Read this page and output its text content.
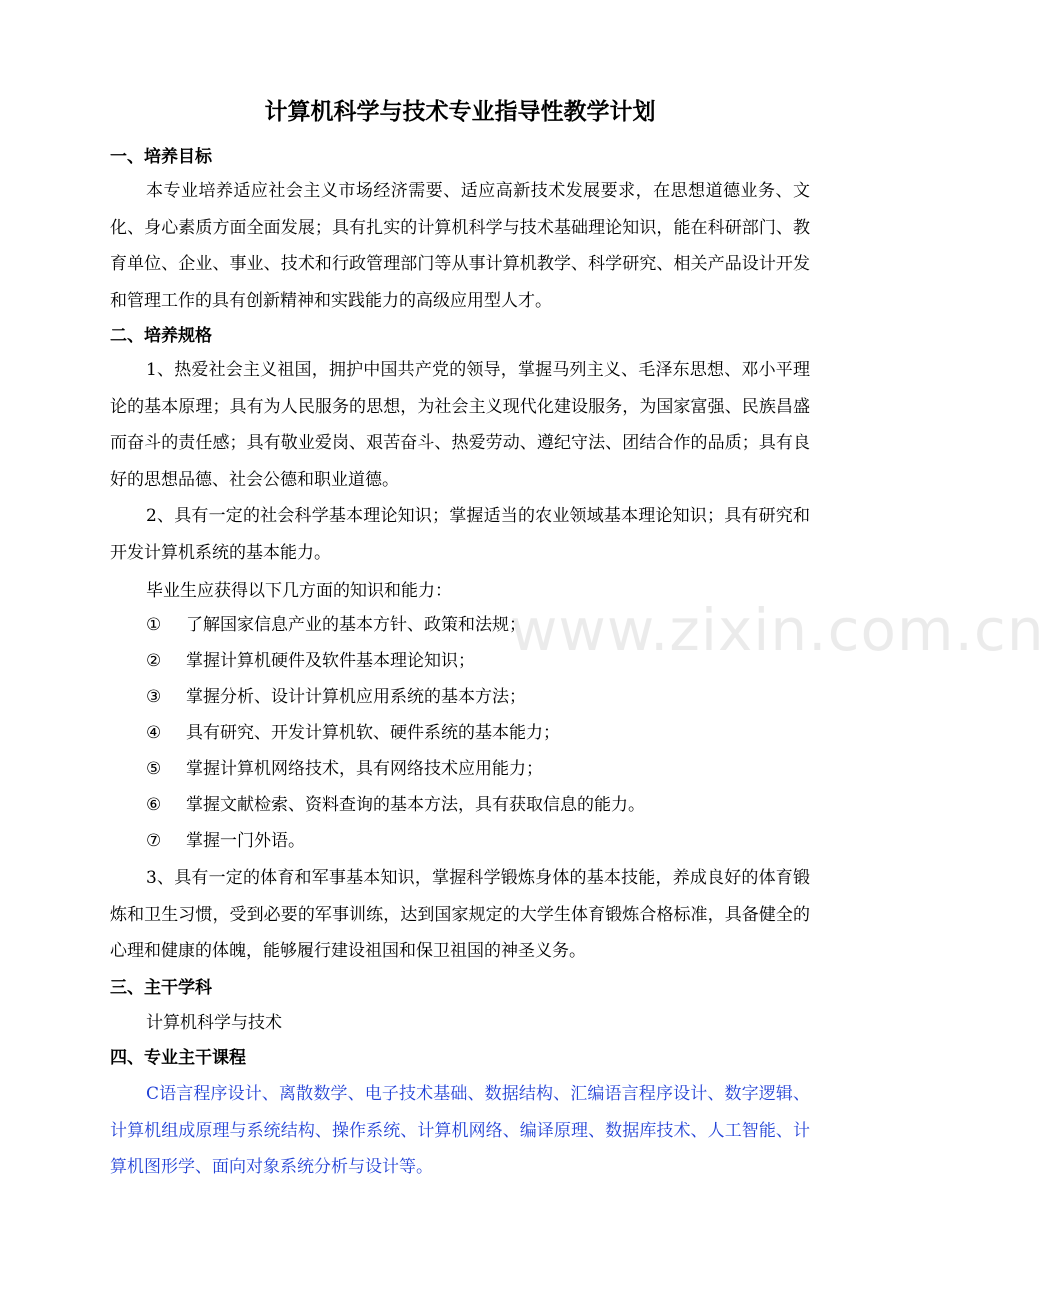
www.zixin.com.cn
计算机科学与技术专业指导性教学计划
一、培养目标
本专业培养适应社会主义市场经济需要、适应高新技术发展要求，在思想道德业务、文化、身心素质方面全面发展；具有扎实的计算机科学与技术基础理论知识，能在科研部门、教育单位、企业、事业、技术和行政管理部门等从事计算机教学、科学研究、相关产品设计开发和管理工作的具有创新精神和实践能力的高级应用型人才。
二、培养规格
1、热爱社会主义祖国，拥护中国共产党的领导，掌握马列主义、毛泽东思想、邓小平理论的基本原理；具有为人民服务的思想，为社会主义现代化建设服务，为国家富强、民族昌盛而奋斗的责任感；具有敬业爱岗、艰苦奋斗、热爱劳动、遵纪守法、团结合作的品质；具有良好的思想品德、社会公德和职业道德。
2、具有一定的社会科学基本理论知识；掌握适当的农业领域基本理论知识；具有研究和开发计算机系统的基本能力。
毕业生应获得以下几方面的知识和能力：
① 了解国家信息产业的基本方针、政策和法规；
② 掌握计算机硬件及软件基本理论知识；
③ 掌握分析、设计计算机应用系统的基本方法；
④ 具有研究、开发计算机软、硬件系统的基本能力；
⑤ 掌握计算机网络技术，具有网络技术应用能力；
⑥ 掌握文献检索、资料查询的基本方法，具有获取信息的能力。
⑦ 掌握一门外语。
3、具有一定的体育和军事基本知识，掌握科学锻炼身体的基本技能，养成良好的体育锻炼和卫生习惯，受到必要的军事训练，达到国家规定的大学生体育锻炼合格标准，具备健全的心理和健康的体魄，能够履行建设祖国和保卫祖国的神圣义务。
三、主干学科
计算机科学与技术
四、专业主干课程
C语言程序设计、离散数学、电子技术基础、数据结构、汇编语言程序设计、数字逻辑、计算机组成原理与系统结构、操作系统、计算机网络、编译原理、数据库技术、人工智能、计算机图形学、面向对象系统分析与设计等。
